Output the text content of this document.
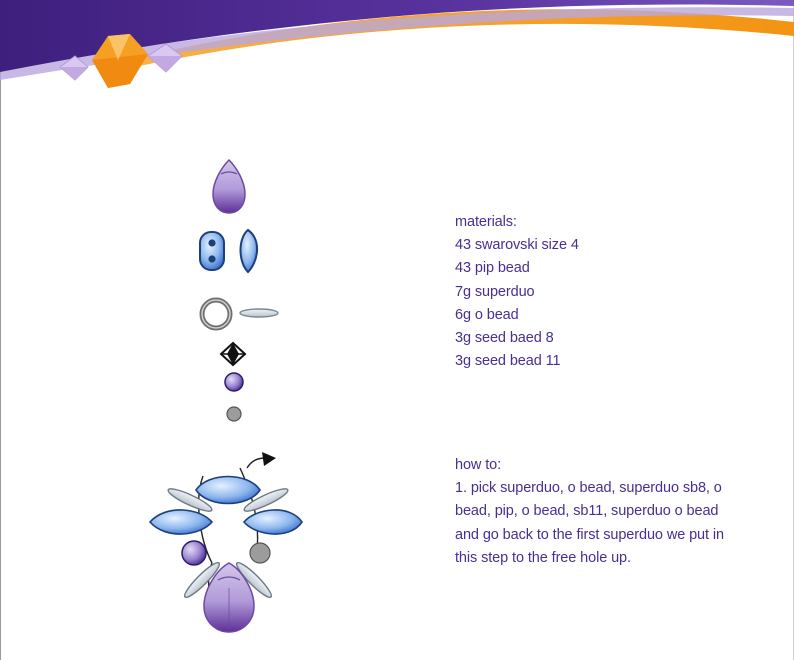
materials:
43 swarovski size 4
43 pip bead
7g superduo
6g o bead
3g seed baed 8
3g seed bead 11
how to:
1. pick superduo, o bead, superduo sb8, o
bead, pip, o bead, sb11, superduo o bead
and go back to the first superduo we put in
this step to the free hole up.
